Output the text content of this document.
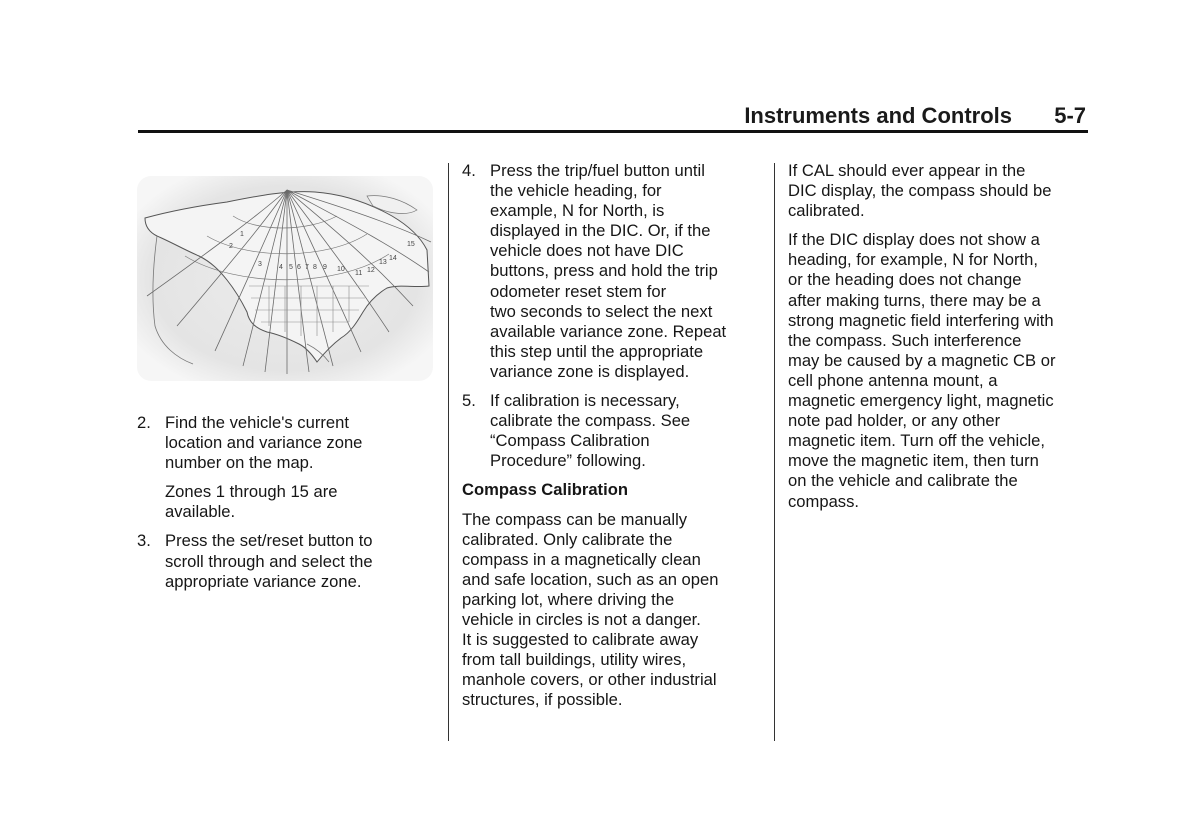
Instruments and Controls 5-7
1
2
3 4 5 6 7 8 9 10
11 12
13
14
15
2. Find the vehicle's current
location and variance zone
number on the map.
Zones 1 through 15 are
available.
3. Press the set/reset button to
scroll through and select the
appropriate variance zone.
4. Press the trip/fuel button until
the vehicle heading, for
example, N for North, is
displayed in the DIC. Or, if the
vehicle does not have DIC
buttons, press and hold the trip
odometer reset stem for
two seconds to select the next
available variance zone. Repeat
this step until the appropriate
variance zone is displayed.
5. If calibration is necessary,
calibrate the compass. See
“Compass Calibration
Procedure” following.

Compass Calibration

The compass can be manually
calibrated. Only calibrate the
compass in a magnetically clean
and safe location, such as an open
parking lot, where driving the
vehicle in circles is not a danger.
It is suggested to calibrate away
from tall buildings, utility wires,
manhole covers, or other industrial
structures, if possible.
If CAL should ever appear in the
DIC display, the compass should be
calibrated.
If the DIC display does not show a
heading, for example, N for North,
or the heading does not change
after making turns, there may be a
strong magnetic field interfering with
the compass. Such interference
may be caused by a magnetic CB or
cell phone antenna mount, a
magnetic emergency light, magnetic
note pad holder, or any other
magnetic item. Turn off the vehicle,
move the magnetic item, then turn
on the vehicle and calibrate the
compass.
